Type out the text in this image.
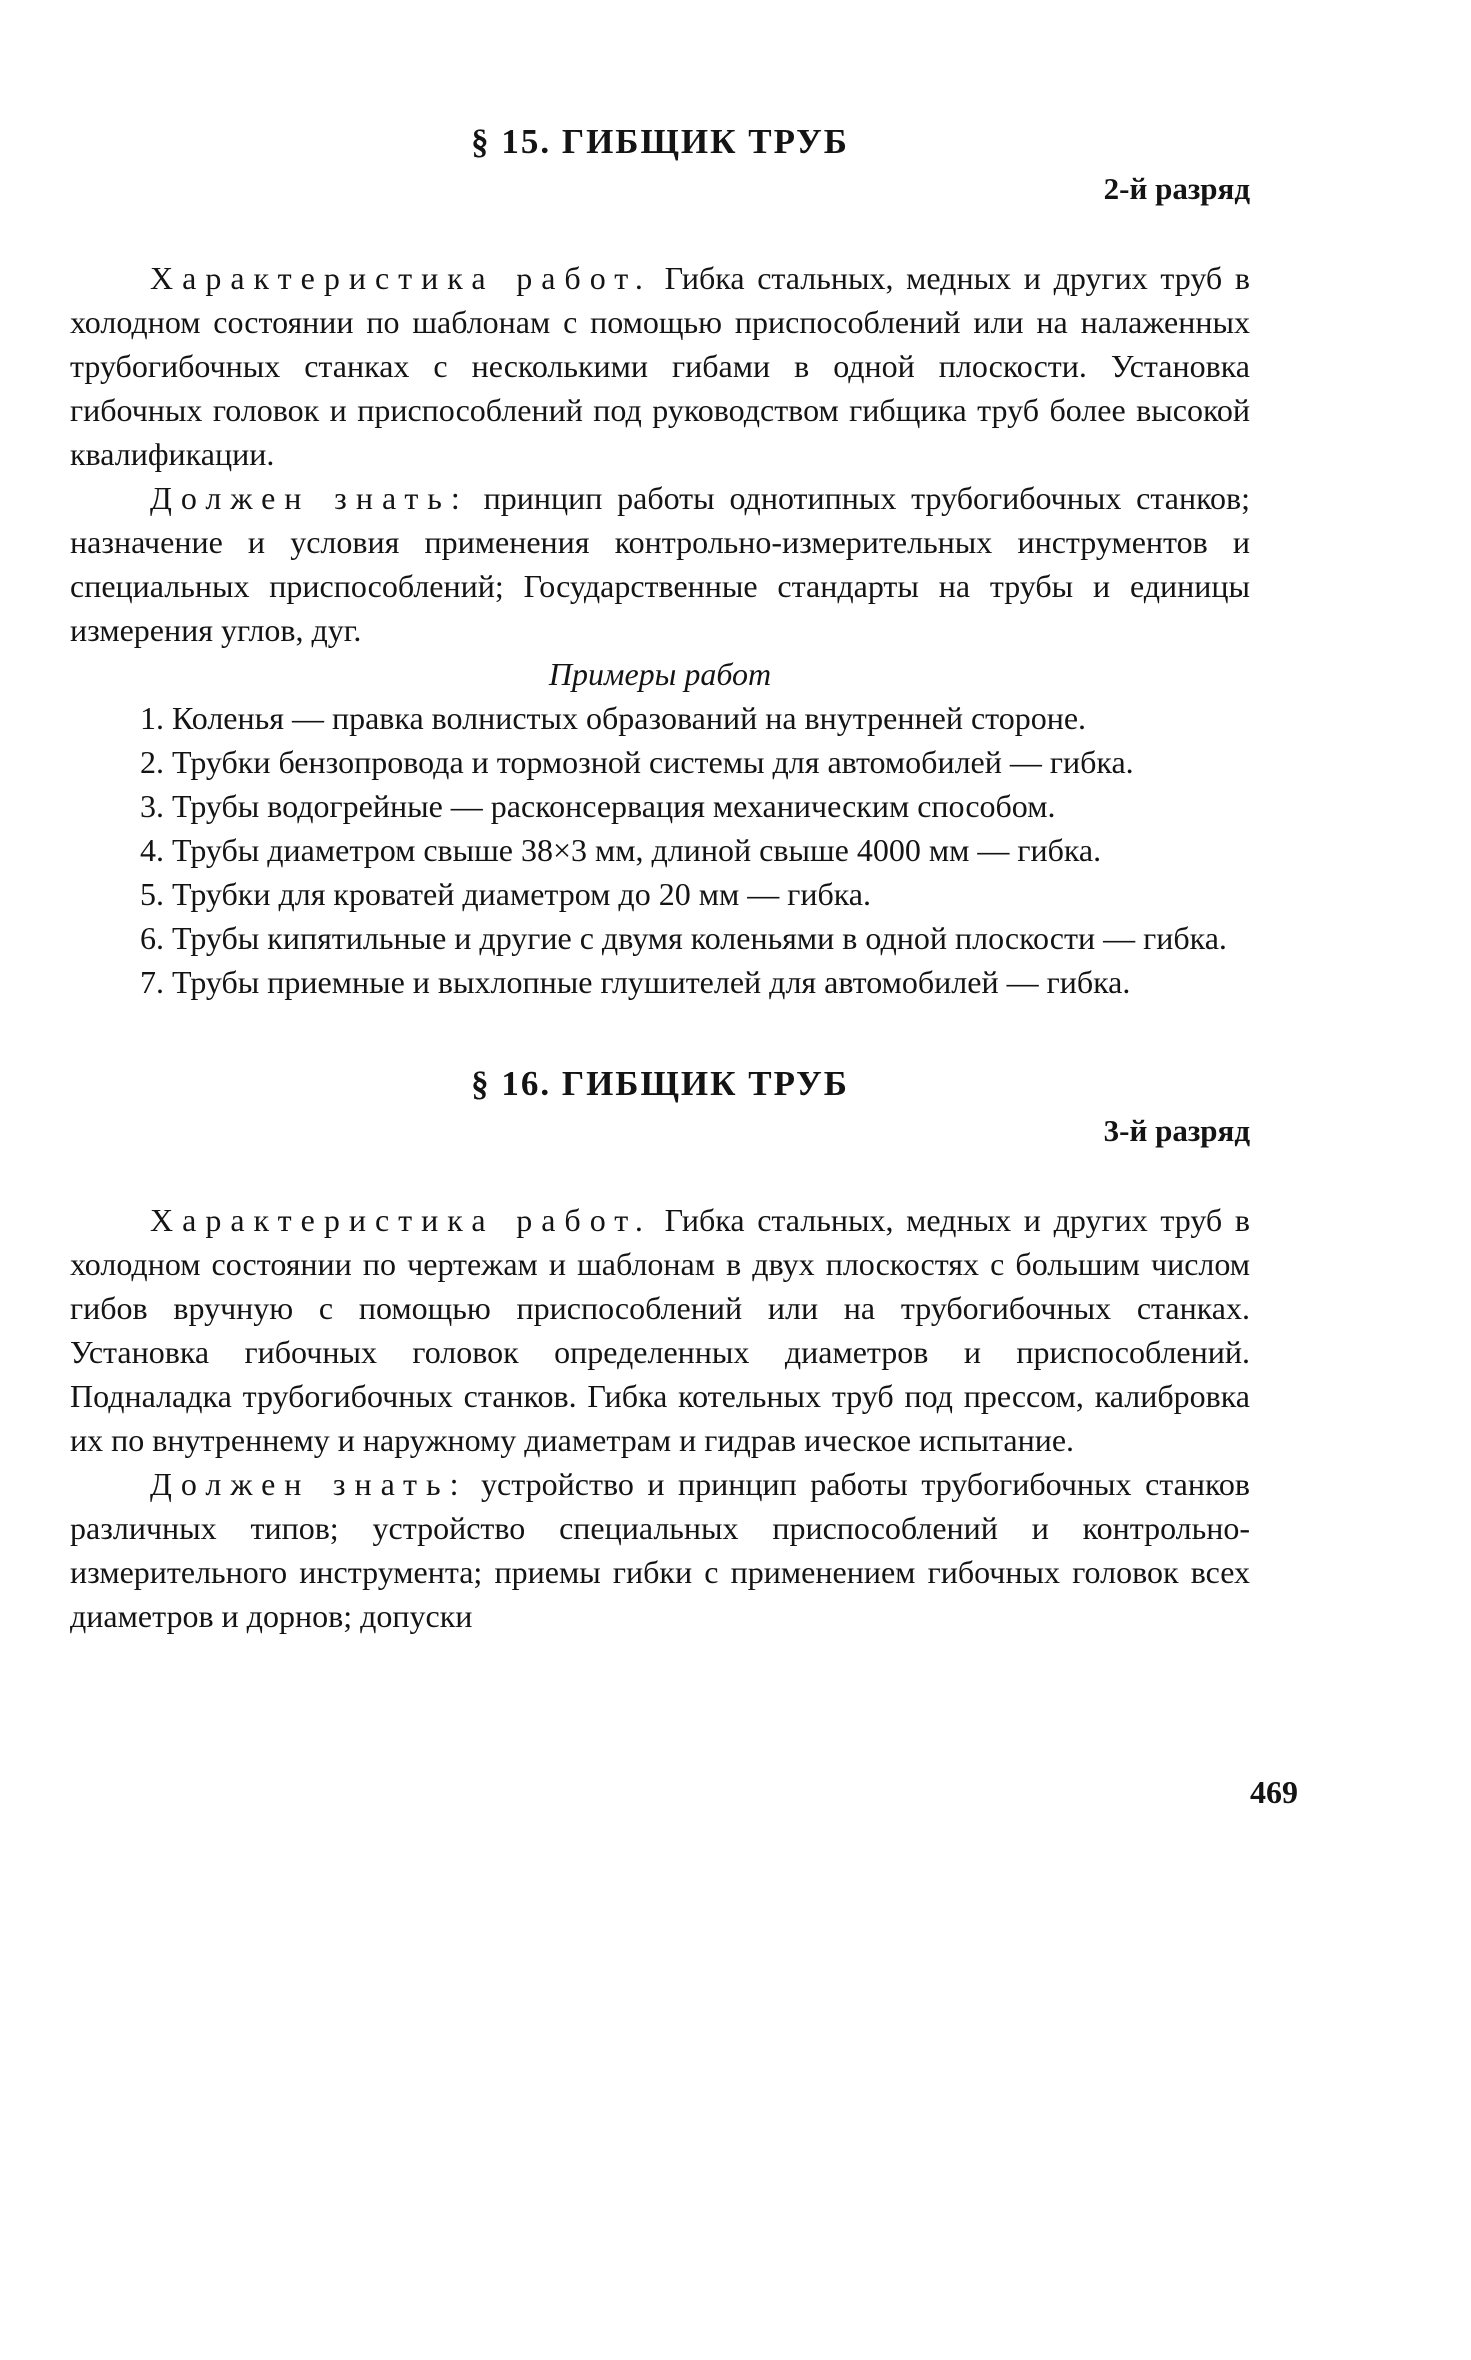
§ 15. ГИБЩИК ТРУБ
2-й разряд

Характеристика работ. Гибка стальных, медных и других труб в холодном состоянии по шаблонам с помощью приспособлений или на налаженных трубогибочных станках с несколькими гибами в одной плоскости. Установка гибочных головок и приспособлений под руководством гибщика труб более высокой квалификации.

Должен знать: принцип работы однотипных трубогибочных станков; назначение и условия применения контрольно-измерительных инструментов и специальных приспособлений; Государственные стандарты на трубы и единицы измерения углов, дуг.

Примеры работ

1. Коленья — правка волнистых образований на внутренней стороне.

2. Трубки бензопровода и тормозной системы для автомобилей — гибка.

3. Трубы водогрейные — расконсервация механическим способом.

4. Трубы диаметром свыше 38×3 мм, длиной свыше 4000 мм — гибка.

5. Трубки для кроватей диаметром до 20 мм — гибка.

6. Трубы кипятильные и другие с двумя коленьями в одной плоскости — гибка.

7. Трубы приемные и выхлопные глушителей для автомобилей — гибка.

§ 16. ГИБЩИК ТРУБ
3-й разряд

Характеристика работ. Гибка стальных, медных и других труб в холодном состоянии по чертежам и шаблонам в двух плоскостях с большим числом гибов вручную с помощью приспособлений или на трубогибочных станках. Установка гибочных головок определенных диаметров и приспособлений. Подналадка трубогибочных станков. Гибка котельных труб под прессом, калибровка их по внутреннему и наружному диаметрам и гидрав ическое испытание.

Должен знать: устройство и принцип работы трубогибочных станков различных типов; устройство специальных приспособлений и контрольно-измерительного инструмента; приемы гибки с применением гибочных головок всех диаметров и дорнов; допуски

469
